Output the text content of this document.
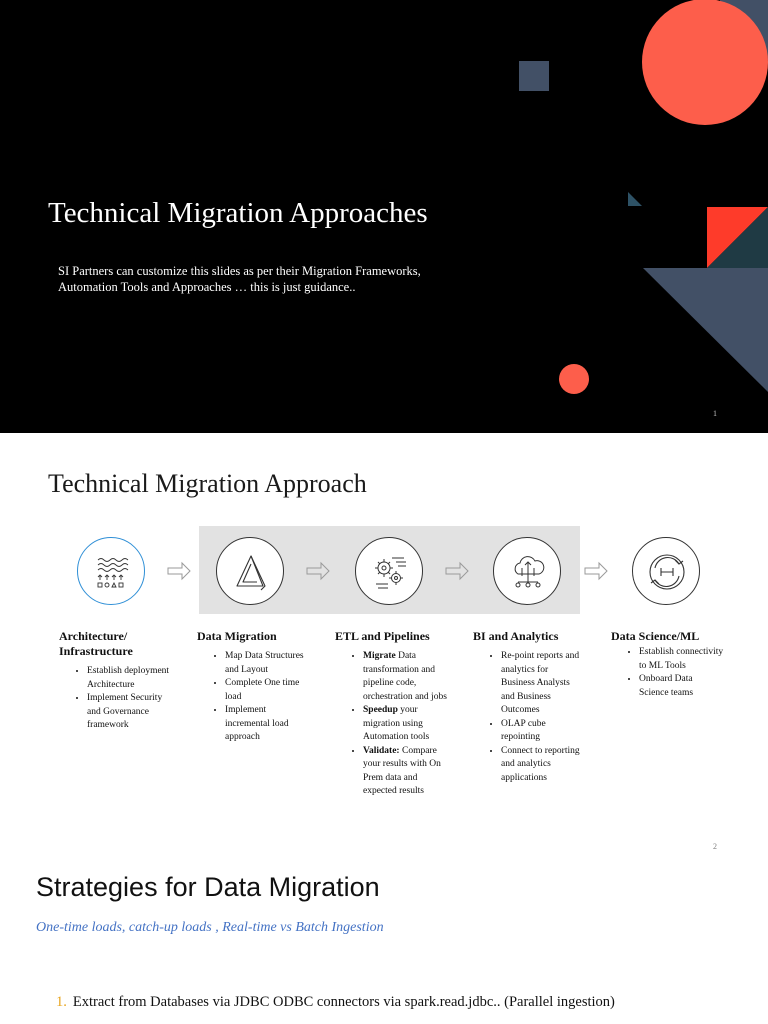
Technical Migration Approaches
SI Partners can customize this slides as per their Migration Frameworks,
Automation Tools and Approaches … this is just guidance..
1
Technical Migration Approach
Architecture/
Infrastructure
• Establish deployment Architecture
• Implement Security and Governance framework
Data Migration
• Map Data Structures and Layout
• Complete One time load
• Implement incremental load approach
ETL and Pipelines
• Migrate Data transformation and pipeline code, orchestration and jobs
• Speedup your migration using Automation tools
• Validate: Compare your results with On Prem data and expected results
BI and Analytics
• Re-point reports and analytics for Business Analysts and Business Outcomes
• OLAP cube repointing
• Connect to reporting and analytics applications
Data Science/ML
• Establish connectivity to ML Tools
• Onboard Data Science teams
2
Strategies for Data Migration
One-time loads, catch-up loads , Real-time vs Batch Ingestion
1. Extract from Databases via JDBC ODBC connectors via spark.read.jdbc.. (Parallel ingestion)
